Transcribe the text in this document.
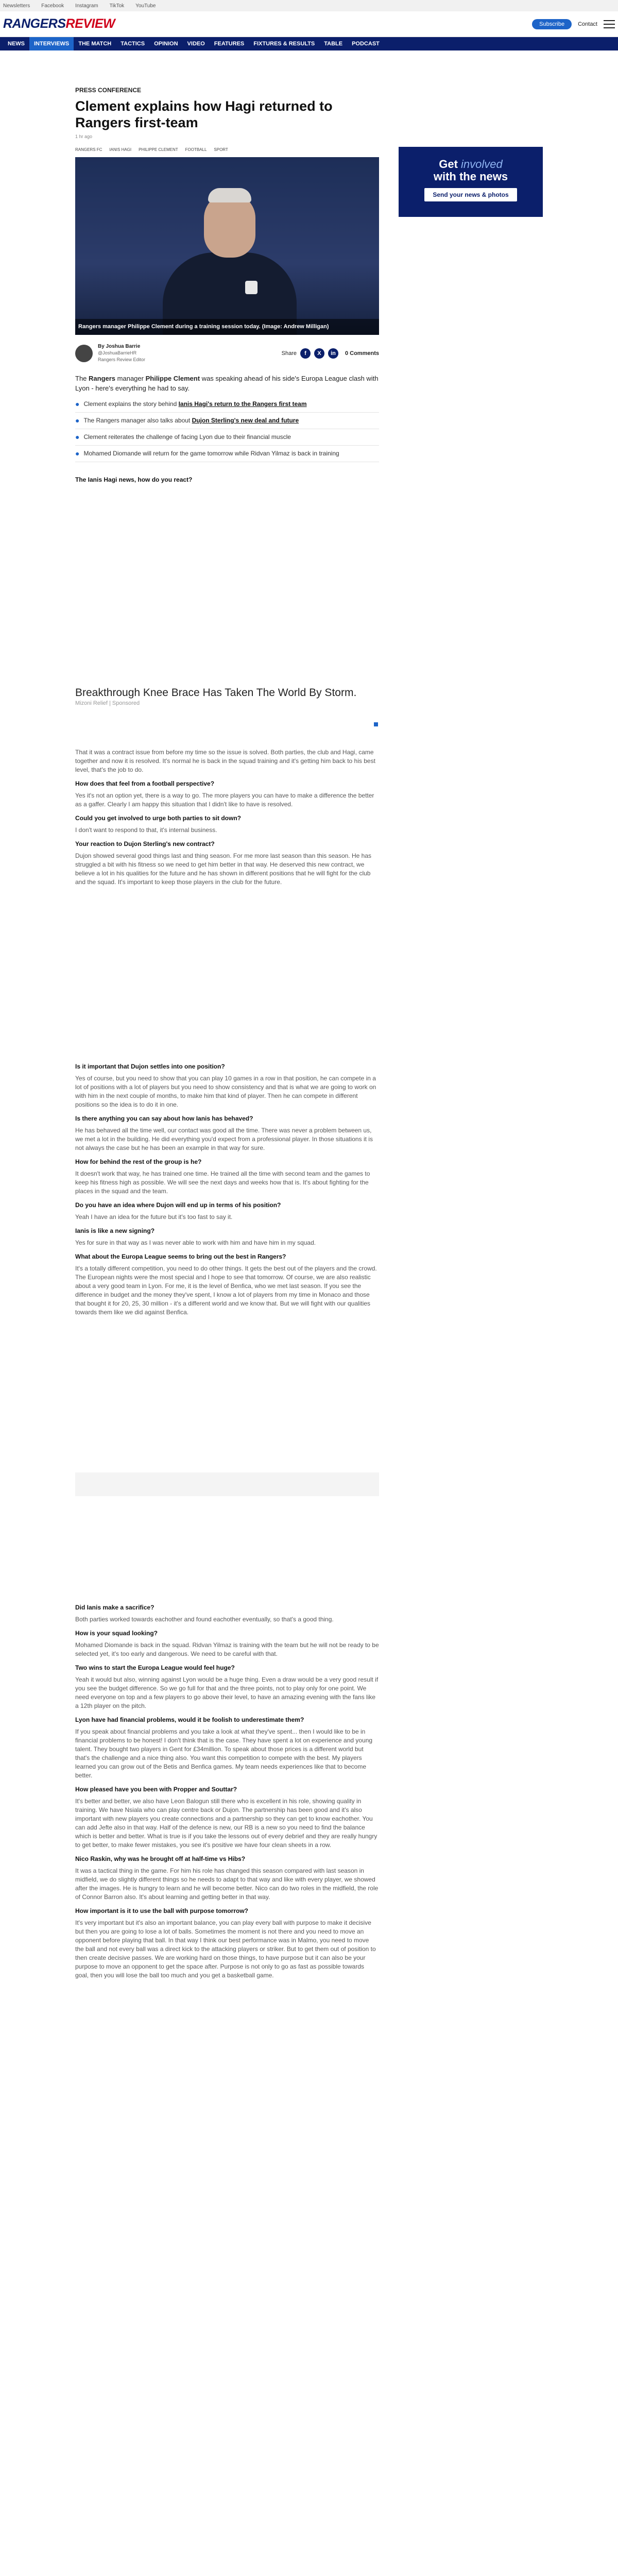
Newsletters Facebook Instagram TikTok YouTube
RANGERSREVIEW	Subscribe	Contact
NEWS	INTERVIEWS	THE MATCH	TACTICS	OPINION	VIDEO	FEATURES	FIXTURES & RESULTS	TABLE	PODCAST
Get involved
with the news
Send your news & photos
PRESS CONFERENCE
Clement explains how Hagi returned to Rangers first-team
1 hr ago
RANGERS FC IANIS HAGI PHILIPPE CLEMENT FOOTBALL SPORT
Rangers manager Philippe Clement during a training session today. (Image: Andrew Milligan)
By Joshua Barrie
@JoshuaBarrieHR
Rangers Review Editor
Share	f	X	in	0 Comments

The Rangers manager Philippe Clement was speaking ahead of his side's Europa League clash with Lyon - here's everything he had to say.

● Clement explains the story behind Ianis Hagi's return to the Rangers first team
● The Rangers manager also talks about Dujon Sterling's new deal and future
● Clement reiterates the challenge of facing Lyon due to their financial muscle
● Mohamed Diomande will return for the game tomorrow while Ridvan Yilmaz is back in training

The Ianis Hagi news, how do you react?

Breakthrough Knee Brace Has Taken The World By Storm.
Mizoni Relief | Sponsored

That it was a contract issue from before my time so the issue is solved. Both parties, the club and Hagi, came together and now it is resolved. It's normal he is back in the squad training and it's getting him back to his best level, that's the job to do.

How does that feel from a football perspective?

Yes it's not an option yet, there is a way to go. The more players you can have to make a difference the better as a gaffer. Clearly I am happy this situation that I didn't like to have is resolved.

Could you get involved to urge both parties to sit down?

I don't want to respond to that, it's internal business.

Your reaction to Dujon Sterling's new contract?

Dujon showed several good things last and thing season. For me more last season than this season. He has struggled a bit with his fitness so we need to get him better in that way. He deserved this new contract, we believe a lot in his qualities for the future and he has shown in different positions that he will fight for the club and the squad. It's important to keep those players in the club for the future.

Is it important that Dujon settles into one position?

Yes of course, but you need to show that you can play 10 games in a row in that position, he can compete in a lot of positions with a lot of players but you need to show consistency and that is what we are going to work on with him in the next couple of months, to make him that kind of player. Then he can compete in different positions so the idea is to do it in one.

Is there anything you can say about how Ianis has behaved?

He has behaved all the time well, our contact was good all the time. There was never a problem between us, we met a lot in the building. He did everything you'd expect from a professional player. In those situations it is not always the case but he has been an example in that way for sure.

How for behind the rest of the group is he?

It doesn't work that way, he has trained one time. He trained all the time with second team and the games to keep his fitness high as possible. We will see the next days and weeks how that is. It's about fighting for the places in the squad and the team.

Do you have an idea where Dujon will end up in terms of his position?

Yeah I have an idea for the future but it's too fast to say it.

Ianis is like a new signing?

Yes for sure in that way as I was never able to work with him and have him in my squad.

What about the Europa League seems to bring out the best in Rangers?

It's a totally different competition, you need to do other things. It gets the best out of the players and the crowd. The European nights were the most special and I hope to see that tomorrow. Of course, we are also realistic about a very good team in Lyon. For me, it is the level of Benfica, who we met last season. If you see the difference in budget and the money they've spent, I know a lot of players from my time in Monaco and those that bought it for 20, 25, 30 million - it's a different world and we know that. But we will fight with our qualities towards them like we did against Benfica.

Did Ianis make a sacrifice?

Both parties worked towards eachother and found eachother eventually, so that's a good thing.

How is your squad looking?

Mohamed Diomande is back in the squad. Ridvan Yilmaz is training with the team but he will not be ready to be selected yet, it's too early and dangerous. We need to be careful with that.

Two wins to start the Europa League would feel huge?

Yeah it would but also, winning against Lyon would be a huge thing. Even a draw would be a very good result if you see the budget difference. So we go full for that and the three points, not to play only for one point. We need everyone on top and a few players to go above their level, to have an amazing evening with the fans like a 12th player on the pitch.

Lyon have had financial problems, would it be foolish to underestimate them?

If you speak about financial problems and you take a look at what they've spent... then I would like to be in financial problems to be honest! I don't think that is the case. They have spent a lot on experience and young talent. They bought two players in Gent for £34million. To speak about those prices is a different world but that's the challenge and a nice thing also. You want this competition to compete with the best. My players learned you can grow out of the Betis and Benfica games. My team needs experiences like that to become better.

How pleased have you been with Propper and Souttar?

It's better and better, we also have Leon Balogun still there who is excellent in his role, showing quality in training. We have Nsiala who can play centre back or Dujon. The partnership has been good and it's also important with new players you create connections and a partnership so they can get to know eachother. You can add Jefte also in that way. Half of the defence is new, our RB is a new so you need to find the balance which is better and better. What is true is if you take the lessons out of every debrief and they are really hungry to get better, to make fewer mistakes, you see it's positive we have four clean sheets in a row.

Nico Raskin, why was he brought off at half-time vs Hibs?

It was a tactical thing in the game. For him his role has changed this season compared with last season in midfield, we do slightly different things so he needs to adapt to that way and like with every player, we showed after the images. He is hungry to learn and he will become better. Nico can do two roles in the midfield, the role of Connor Barron also. It's about learning and getting better in that way.

How important is it to use the ball with purpose tomorrow?

It's very important but it's also an important balance, you can play every ball with purpose to make it decisive but then you are going to lose a lot of balls. Sometimes the moment is not there and you need to move an opponent before playing that ball. In that way I think our best performance was in Malmo, you need to move the ball and not every ball was a direct kick to the attacking players or striker. But to get them out of position to then create decisive passes. We are working hard on those things, to have purpose but it can also be your purpose to move an opponent to get the space after. Purpose is not only to go as fast as possible towards goal, then you will lose the ball too much and you get a basketball game.
